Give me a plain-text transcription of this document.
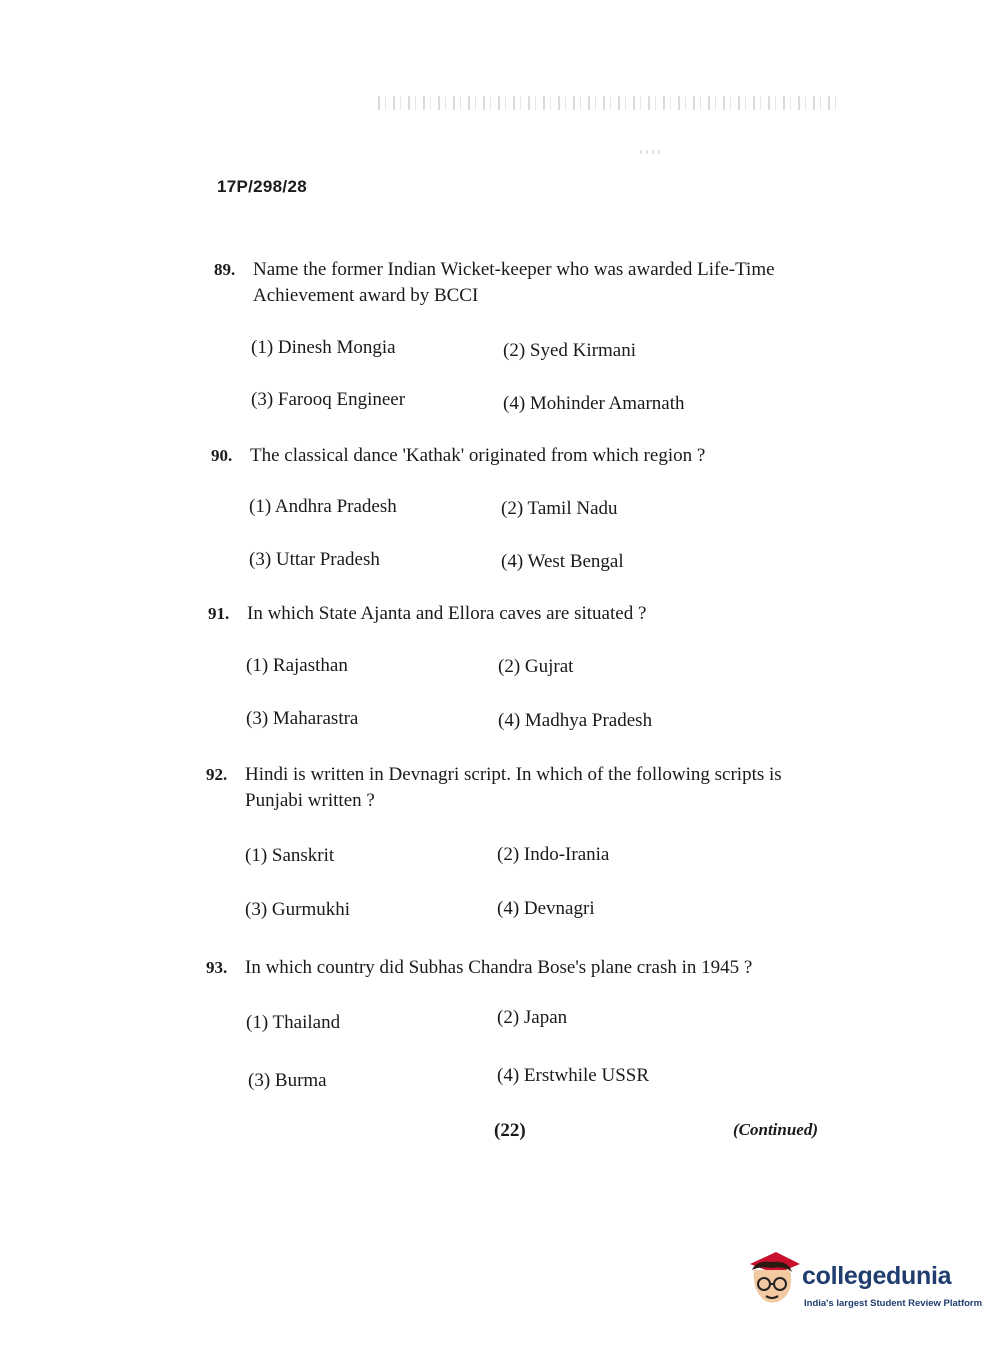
17P/298/28
89. Name the former Indian Wicket-keeper who was awarded Life-Time Achievement award by BCCI
(1) Dinesh Mongia	(2) Syed Kirmani
(3) Farooq Engineer	(4) Mohinder Amarnath
90. The classical dance 'Kathak' originated from which region ?
(1) Andhra Pradesh	(2) Tamil Nadu
(3) Uttar Pradesh	(4) West Bengal
91. In which State Ajanta and Ellora caves are situated ?
(1) Rajasthan	(2) Gujrat
(3) Maharastra	(4) Madhya Pradesh
92. Hindi is written in Devnagri script. In which of the following scripts is Punjabi written ?
(1) Sanskrit	(2) Indo-Irania
(3) Gurmukhi	(4) Devnagri
93. In which country did Subhas Chandra Bose's plane crash in 1945 ?
(1) Thailand	(2) Japan
(3) Burma	(4) Erstwhile USSR
(22)	(Continued)
collegedunia
India's largest Student Review Platform
